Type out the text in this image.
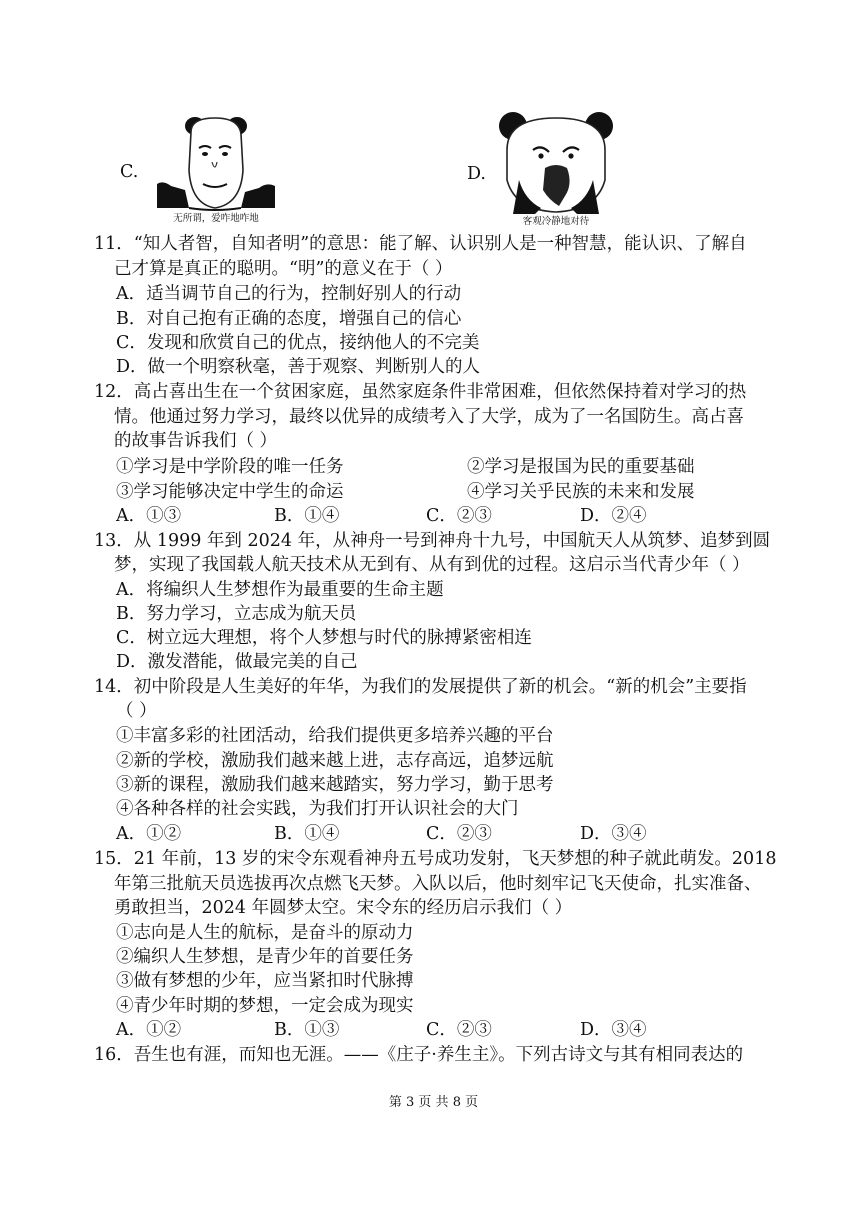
C.
无所谓，爱咋地咋地
D.
客观冷静地对待
11．“知人者智，自知者明”的意思：能了解、认识别人是一种智慧，能认识、了解自
己才算是真正的聪明。“明”的意义在于（ ）
A．适当调节自己的行为，控制好别人的行动
B．对自己抱有正确的态度，增强自己的信心
C．发现和欣赏自己的优点，接纳他人的不完美
D．做一个明察秋毫，善于观察、判断别人的人
12．高占喜出生在一个贫困家庭，虽然家庭条件非常困难，但依然保持着对学习的热
情。他通过努力学习，最终以优异的成绩考入了大学，成为了一名国防生。高占喜
的故事告诉我们（ ）
①学习是中学阶段的唯一任务	②学习是报国为民的重要基础
③学习能够决定中学生的命运	④学习关乎民族的未来和发展
A．①③	B．①④	C．②③	D．②④
13．从 1999 年到 2024 年，从神舟一号到神舟十九号，中国航天人从筑梦、追梦到圆
梦，实现了我国载人航天技术从无到有、从有到优的过程。这启示当代青少年（ ）
A．将编织人生梦想作为最重要的生命主题
B．努力学习，立志成为航天员
C．树立远大理想，将个人梦想与时代的脉搏紧密相连
D．激发潜能，做最完美的自己
14．初中阶段是人生美好的年华，为我们的发展提供了新的机会。“新的机会”主要指
（ ）
①丰富多彩的社团活动，给我们提供更多培养兴趣的平台
②新的学校，激励我们越来越上进，志存高远，追梦远航
③新的课程，激励我们越来越踏实，努力学习，勤于思考
④各种各样的社会实践，为我们打开认识社会的大门
A．①②	B．①④	C．②③	D．③④
15．21 年前，13 岁的宋令东观看神舟五号成功发射，飞天梦想的种子就此萌发。2018
年第三批航天员选拔再次点燃飞天梦。入队以后，他时刻牢记飞天使命，扎实准备、
勇敢担当，2024 年圆梦太空。宋令东的经历启示我们（ ）
①志向是人生的航标，是奋斗的原动力
②编织人生梦想，是青少年的首要任务
③做有梦想的少年，应当紧扣时代脉搏
④青少年时期的梦想，一定会成为现实
A．①②	B．①③	C．②③	D．③④
16．吾生也有涯，而知也无涯。——《庄子·养生主》。下列古诗文与其有相同表达的
第 3 页 共 8 页
